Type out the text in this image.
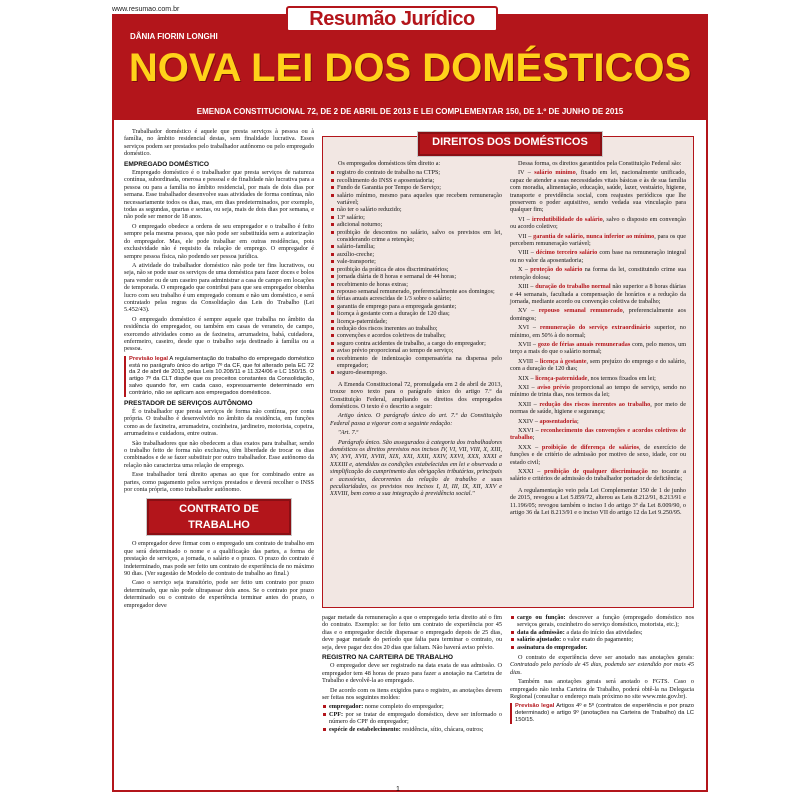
www.resumao.com.br	Resumão Jurídico
DÂNIA FIORIN LONGHI
NOVA LEI DOS DOMÉSTICOS
EMENDA CONSTITUCIONAL 72, DE 2 DE ABRIL DE 2013 E LEI COMPLEMENTAR 150, DE 1.º DE JUNHO DE 2015

Trabalhador doméstico é aquele que presta serviços à pessoa ou à família, no âmbito residencial destas, sem finalidade lucrativa. Esses serviços podem ser prestados pelo trabalhador autônomo ou pelo empregado doméstico.

EMPREGADO DOMÉSTICO

Empregado doméstico é o trabalhador que presta serviços de natureza contínua, subordinada, onerosa e pessoal e de finalidade não lucrativa para a pessoa ou para a família no âmbito residencial, por mais de dois dias por semana. Esse trabalhador desenvolve suas atividades de forma contínua, não necessariamente todos os dias, mas, em dias predeterminados, por exemplo, todas as segundas, quartas e sextas, ou seja, mais de dois dias por semana, e não pode ser menor de 18 anos.

O empregado obedece a ordens de seu empregador e o trabalho é feito sempre pela mesma pessoa, que não pode ser substituída sem a autorização do empregador. Mas, ele pode trabalhar em outras residências, pois exclusividade não é requisito da relação de emprego. O empregador é sempre pessoa física, não podendo ser pessoa jurídica.

A atividade do trabalhador doméstico não pode ter fins lucrativos, ou seja, não se pode usar os serviços de uma doméstica para fazer doces e bolos para vender ou de um caseiro para administrar a casa de campo em locações de temporada. O empregado que contribui para que seu empregador obtenha lucro com seu trabalho é um empregado comum e não um doméstico, e será contratado pelas regras da Consolidação das Leis do Trabalho (Lei 5.452/43).

O empregado doméstico é sempre aquele que trabalha no âmbito da residência do empregador, ou também em casas de veraneio, de campo, exercendo atividades como as de faxineira, arrumadeira, babá, cuidadora, enfermeiro, caseiro, desde que o trabalho seja destinado à família ou a pessoa.

Previsão legal A regulamentação do trabalho do empregado doméstico está no parágrafo único do artigo 7º da CF, que foi alterado pela EC 72 da 2 de abril de 2013, pelas Leis 10.208/11 e 11.324/06 e LC 150/15. O artigo 7º da CLT dispõe que os preceitos constantes da Consolidação, salvo quando for, em cada caso, expressamente determinado em contrário, não se aplicam aos empregados domésticos.
PRESTADOR DE SERVIÇOS AUTÔNOMO

É o trabalhador que presta serviços de forma não contínua, por conta própria. O trabalho é desenvolvido no âmbito da residência, em funções como as de faxineira, arrumadeira, cozinheira, jardineiro, motorista, copeira, arrumadeira e cuidadora, entre outras.

São trabalhadores que não obedecem a dias exatos para trabalhar, sendo o trabalho feito de forma não exclusiva, têm liberdade de trocar os dias combinados e de se fazer substituir por outro trabalhador. Esse autônomo da relação não caracteriza uma relação de emprego.

Esse trabalhador terá direito apenas ao que for combinado entre as partes, como pagamento pelos serviços prestados e deverá recolher o INSS por conta própria, como trabalhador autônomo.

CONTRATO DE TRABALHO

O empregador deve firmar com o empregado um contrato de trabalho em que será determinado o nome e a qualificação das partes, a forma de prestação de serviços, a jornada, o salário e o prazo. O prazo do contrato é indeterminado, mas pode ser feito um contrato de experiência de no máximo 90 dias. (Ver sugestão de Modelo de contrato de trabalho ao final.)

Caso o serviço seja transitório, pode ser feito um contrato por prazo determinado, que não pode ultrapassar dois anos. Se o contrato por prazo determinado ou o contrato de experiência terminar antes do prazo, o empregador deve

DIREITOS DOS DOMÉSTICOS

Os empregados domésticos têm direito a:

registro do contrato de trabalho na CTPS;
recolhimento do INSS e aposentadoria;
Fundo de Garantia por Tempo de Serviço;
salário mínimo, mesmo para aqueles que recebem remuneração variável;
não ter o salário reduzido;
13º salário;
adicional noturno;
proibição de descontos no salário, salvo os previstos em lei, considerando crime a retenção;
salário-família;
auxílio-creche;
vale-transporte;
proibição da prática de atos discriminatórios;
jornada diária de 8 horas e semanal de 44 horas;
recebimento de horas extras;
repouso semanal remunerado, preferencialmente aos domingos;
férias anuais acrescidas de 1/3 sobre o salário;
garantia de emprego para a empregada gestante;
licença à gestante com a duração de 120 dias;
licença-paternidade;
redução dos riscos inerentes ao trabalho;
convenções e acordos coletivos de trabalho;
seguro contra acidentes de trabalho, a cargo do empregador;
aviso prévio proporcional ao tempo de serviço;
recebimento de indenização compensatória na dispensa pelo empregador;
seguro-desemprego.

A Emenda Constitucional 72, promulgada em 2 de abril de 2013, trouxe novo texto para o parágrafo único do artigo 7.º da Constituição Federal, ampliando os direitos dos empregados domésticos. O texto é o descrito a seguir:

Artigo único. O parágrafo único do art. 7.º da Constituição Federal passa a vigorar com a seguinte redação:

"Art. 7.º

Parágrafo único. São assegurados à categoria dos trabalhadores domésticos os direitos previstos nos incisos IV, VI, VII, VIII, X, XIII, XV, XVI, XVII, XVIII, XIX, XXI, XXII, XXIV, XXVI, XXX, XXXI e XXXIII e, atendidas as condições estabelecidas em lei e observada a simplificação do cumprimento das obrigações tributárias, principais e acessórias, decorrentes da relação de trabalho e suas peculiaridades, os previstos nos incisos I, II, III, IX, XII, XXV e XXVIII, bem como a sua integração à previdência social."

Dessa forma, os direitos garantidos pela Constituição Federal são:

IV – salário mínimo, fixado em lei, nacionalmente unificado, capaz de atender a suas necessidades vitais básicas e às de sua família com moradia, alimentação, educação, saúde, lazer, vestuário, higiene, transporte e previdência social, com reajustes periódicos que lhe preservem o poder aquisitivo, sendo vedada sua vinculação para qualquer fim;

VI – irredutibilidade do salário, salvo o disposto em convenção ou acordo coletivo;

VII – garantia de salário, nunca inferior ao mínimo, para os que percebem remuneração variável;

VIII – décimo terceiro salário com base na remuneração integral ou no valor da aposentadoria;

X – proteção do salário na forma da lei, constituindo crime sua retenção dolosa;

XIII – duração do trabalho normal não superior a 8 horas diárias e 44 semanais, facultada a compensação de horários e a redução da jornada, mediante acordo ou convenção coletiva de trabalho;

XV – repouso semanal remunerado, preferencialmente aos domingos;

XVI – remuneração do serviço extraordinário superior, no mínimo, em 50% à do normal;

XVII – gozo de férias anuais remuneradas com, pelo menos, um terço a mais do que o salário normal;

XVIII – licença à gestante, sem prejuízo do emprego e do salário, com a duração de 120 dias;

XIX – licença-paternidade, nos termos fixados em lei;

XXI – aviso prévio proporcional ao tempo de serviço, sendo no mínimo de trinta dias, nos termos da lei;

XXII – redução dos riscos inerentes ao trabalho, por meio de normas de saúde, higiene e segurança;

XXIV – aposentadoria;

XXVI – reconhecimento das convenções e acordos coletivos de trabalho;

XXX – proibição de diferença de salários, de exercício de funções e de critério de admissão por motivo de sexo, idade, cor ou estado civil;

XXXI – proibição de qualquer discriminação no tocante a salário e critérios de admissão do trabalhador portador de deficiência;

A regulamentação veio pela Lei Complementar 150 de 1 de junho de 2015, revogou a Lei 5.859/72, alterou as Leis 8.212/91, 8.213/91 e 11.196/05; revogou também o inciso I do artigo 3º da Lei 8.009/90, o artigo 36 da Lei 8.213/91 e o inciso VII do artigo 12 da Lei 9.250/95.

pagar metade da remuneração a que o empregado teria direito até o fim do contrato. Exemplo: se for feito um contrato de experiência por 45 dias e o empregador decide dispensar o empregado depois de 25 dias, deve pagar metade do período que falta para terminar o contrato, ou seja, deve pagar dez dos 20 dias que faltam. Não haverá aviso prévio.

REGISTRO NA CARTEIRA DE TRABALHO

O empregador deve ser registrado na data exata de sua admissão. O empregador tem 48 horas de prazo para fazer a anotação na Carteira de Trabalho e devolvê-la ao empregado.

De acordo com os itens exigidos para o registro, as anotações devem ser feitas nos seguintes moldes:

empregador: nome completo do empregador;
CPF: por se tratar de empregado doméstico, deve ser informado o número do CPF do empregador;
espécie de estabelecimento: residência, sítio, chácara, outros;
cargo ou função: descrever a função (empregado doméstico nos serviços gerais, cozinheiro do serviço doméstico, motorista, etc.);
data da admissão: a data do início das atividades;
salário ajustado: o valor exato do pagamento;
assinatura do empregador.

O contrato de experiência deve ser anotado nas anotações gerais: Contratado pelo período de 45 dias, podendo ser estendido por mais 45 dias.

Também nas anotações gerais será anotado o FGTS. Caso o empregado não tenha Carteira de Trabalho, poderá obtê-la na Delegacia Regional (consultar o endereço mais próximo no site www.mte.gov.br).

Previsão legal Artigos 4º e 5º (contratos de experiência e por prazo determinado) e artigo 9º (anotações na Carteira de Trabalho) da LC 150/15.
1
